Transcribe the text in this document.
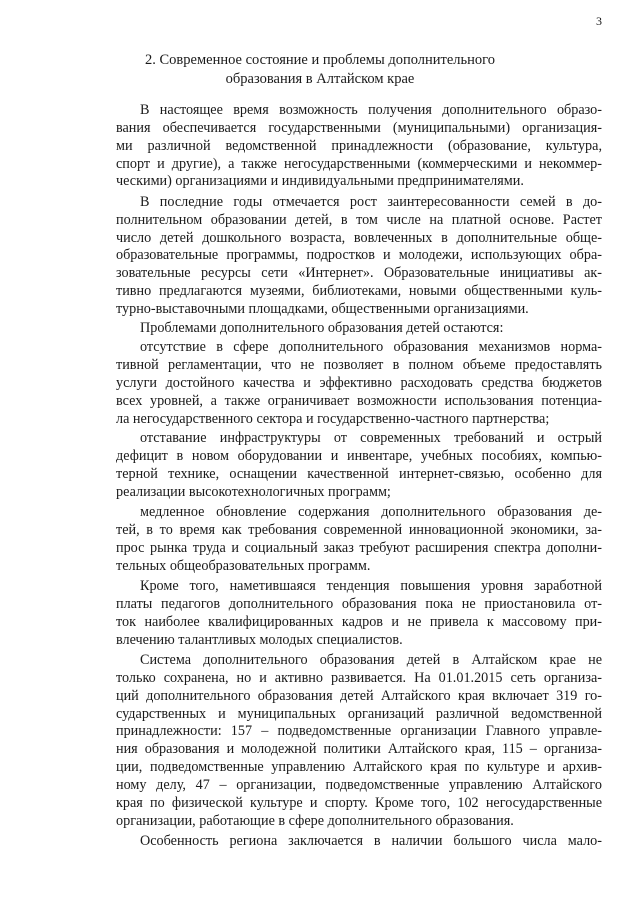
3
2. Современное состояние и проблемы дополнительного
образования в Алтайском крае
В настоящее время возможность получения дополнительного образо-
вания обеспечивается государственными (муниципальными) организация-
ми различной ведомственной принадлежности (образование, культура,
спорт и другие), а также негосударственными (коммерческими и некоммер-
ческими) организациями и индивидуальными предпринимателями.
В последние годы отмечается рост заинтересованности семей в до-
полнительном образовании детей, в том числе на платной основе. Растет
число детей дошкольного возраста, вовлеченных в дополнительные обще-
образовательные программы, подростков и молодежи, использующих обра-
зовательные ресурсы сети «Интернет». Образовательные инициативы ак-
тивно предлагаются музеями, библиотеками, новыми общественными куль-
турно-выставочными площадками, общественными организациями.
Проблемами дополнительного образования детей остаются:
отсутствие в сфере дополнительного образования механизмов норма-
тивной регламентации, что не позволяет в полном объеме предоставлять
услуги достойного качества и эффективно расходовать средства бюджетов
всех уровней, а также ограничивает возможности использования потенциа-
ла негосударственного сектора и государственно-частного партнерства;
отставание инфраструктуры от современных требований и острый
дефицит в новом оборудовании и инвентаре, учебных пособиях, компью-
терной технике, оснащении качественной интернет-связью, особенно для
реализации высокотехнологичных программ;
медленное обновление содержания дополнительного образования де-
тей, в то время как требования современной инновационной экономики, за-
прос рынка труда и социальный заказ требуют расширения спектра дополни-
тельных общеобразовательных программ.
Кроме того, наметившаяся тенденция повышения уровня заработной
платы педагогов дополнительного образования пока не приостановила от-
ток наиболее квалифицированных кадров и не привела к массовому при-
влечению талантливых молодых специалистов.
Система дополнительного образования детей в Алтайском крае не
только сохранена, но и активно развивается. На 01.01.2015 сеть организа-
ций дополнительного образования детей Алтайского края включает 319 го-
сударственных и муниципальных организаций различной ведомственной
принадлежности: 157 – подведомственные организации Главного управле-
ния образования и молодежной политики Алтайского края, 115 – организа-
ции, подведомственные управлению Алтайского края по культуре и архив-
ному делу, 47 – организации, подведомственные управлению Алтайского
края по физической культуре и спорту. Кроме того, 102 негосударственные
организации, работающие в сфере дополнительного образования.
Особенность региона заключается в наличии большого числа мало-
